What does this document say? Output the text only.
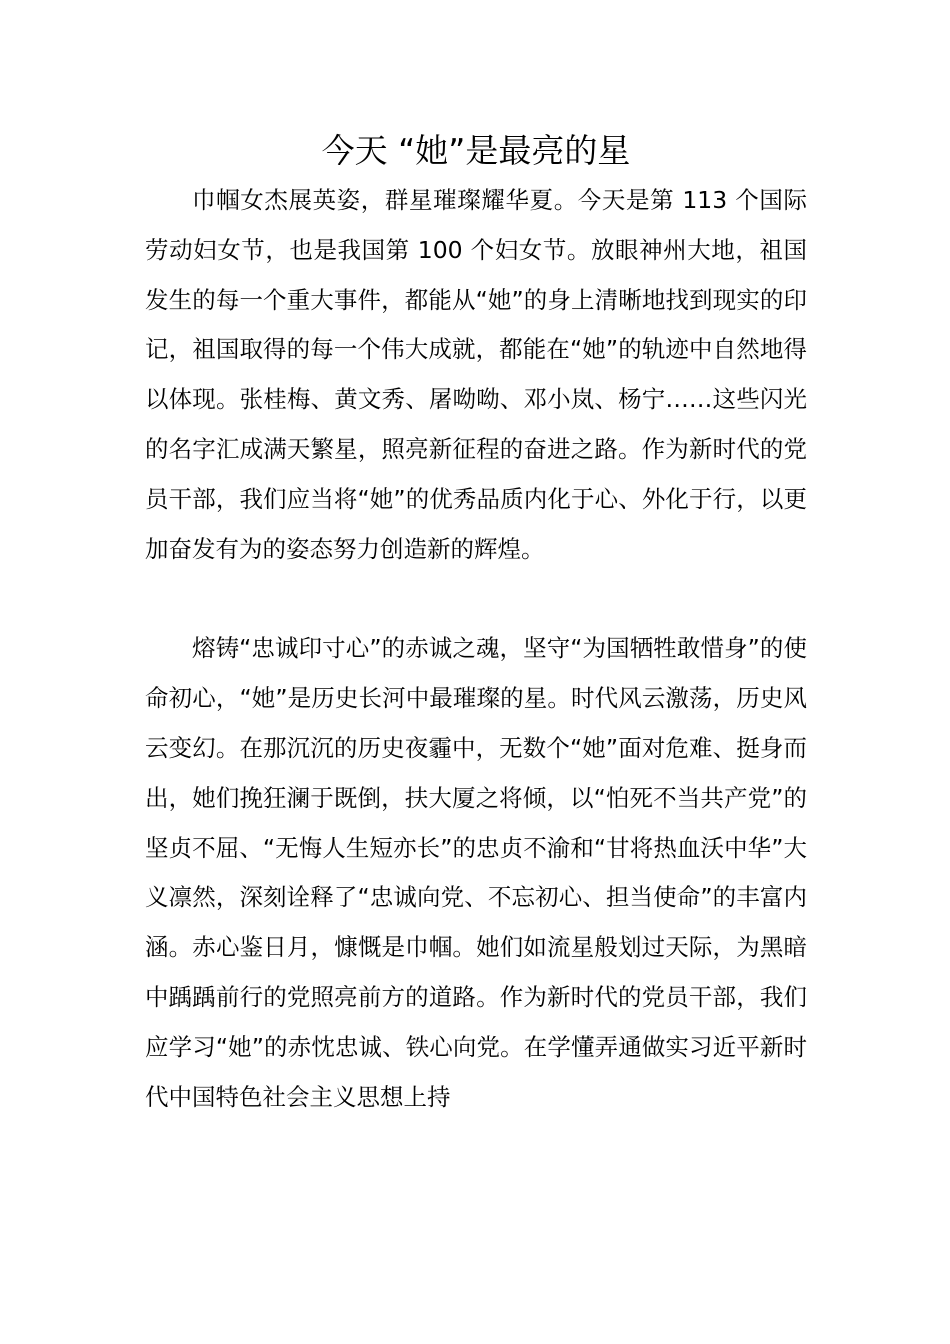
今天 “她”是最亮的星

巾帼女杰展英姿，群星璀璨耀华夏。今天是第 113 个国际劳动妇女节，也是我国第 100 个妇女节。放眼神州大地，祖国发生的每一个重大事件，都能从“她”的身上清晰地找到现实的印记，祖国取得的每一个伟大成就，都能在“她”的轨迹中自然地得以体现。张桂梅、黄文秀、屠呦呦、邓小岚、杨宁……这些闪光的名字汇成满天繁星，照亮新征程的奋进之路。作为新时代的党员干部，我们应当将“她”的优秀品质内化于心、外化于行，以更加奋发有为的姿态努力创造新的辉煌。

熔铸“忠诚印寸心”的赤诚之魂，坚守“为国牺牲敢惜身”的使命初心，“她”是历史长河中最璀璨的星。时代风云激荡，历史风云变幻。在那沉沉的历史夜霾中，无数个“她”面对危难、挺身而出，她们挽狂澜于既倒，扶大厦之将倾，以“怕死不当共产党”的坚贞不屈、“无悔人生短亦长”的忠贞不渝和“甘将热血沃中华”大义凛然，深刻诠释了“忠诚向党、不忘初心、担当使命”的丰富内涵。赤心鉴日月，慷慨是巾帼。她们如流星般划过天际，为黑暗中踽踽前行的党照亮前方的道路。作为新时代的党员干部，我们应学习“她”的赤忱忠诚、铁心向党。在学懂弄通做实习近平新时代中国特色社会主义思想上持
